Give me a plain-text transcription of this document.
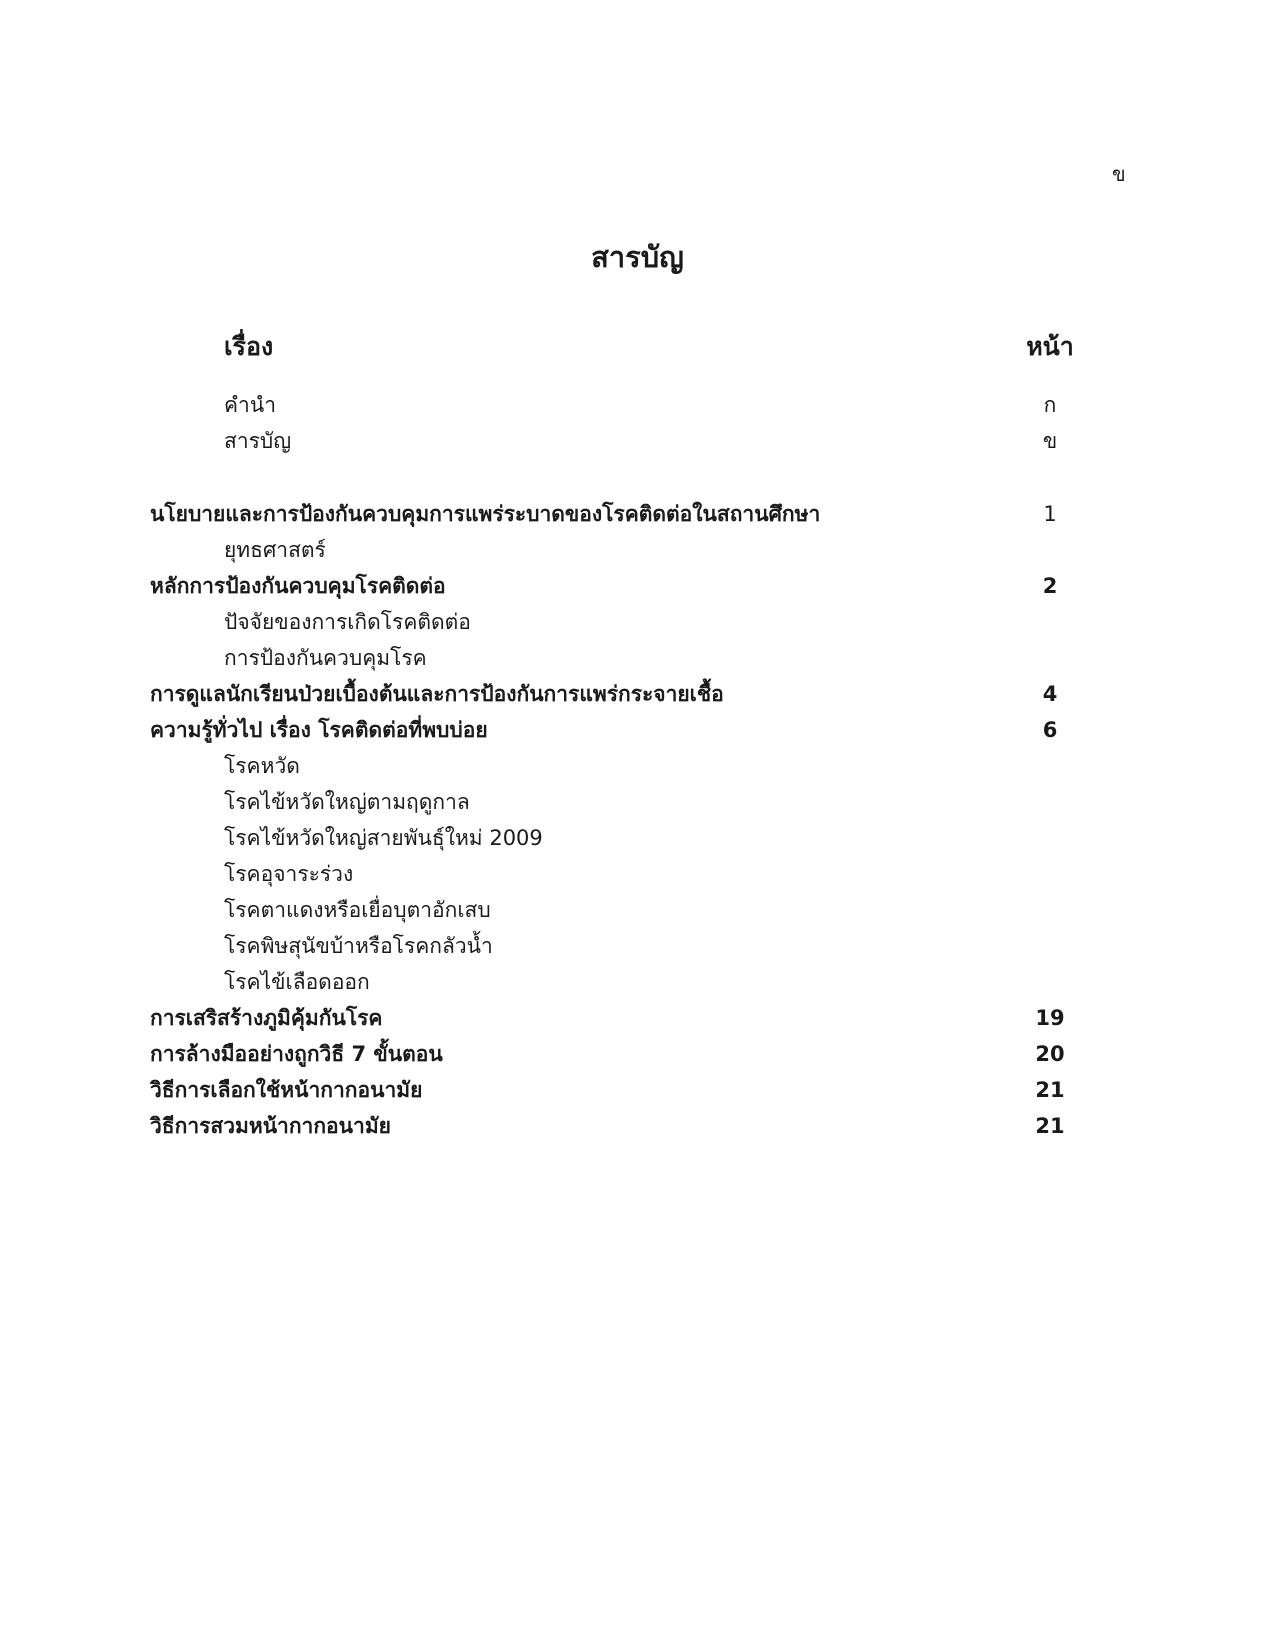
ข
สารบัญ
เรื่อง	หน้า
คำนำ	ก
สารบัญ	ข
นโยบายและการป้องกันควบคุมการแพร่ระบาดของโรคติดต่อในสถานศึกษา	1
ยุทธศาสตร์
หลักการป้องกันควบคุมโรคติดต่อ	2
ปัจจัยของการเกิดโรคติดต่อ
การป้องกันควบคุมโรค
การดูแลนักเรียนป่วยเบื้องต้นและการป้องกันการแพร่กระจายเชื้อ	4
ความรู้ทั่วไป เรื่อง โรคติดต่อที่พบบ่อย	6
โรคหวัด
โรคไข้หวัดใหญ่ตามฤดูกาล
โรคไข้หวัดใหญ่สายพันธุ์ใหม่ 2009
โรคอุจาระร่วง
โรคตาแดงหรือเยื่อบุตาอักเสบ
โรคพิษสุนัขบ้าหรือโรคกลัวน้ำ
โรคไข้เลือดออก
การเสริสร้างภูมิคุ้มกันโรค	19
การล้างมืออย่างถูกวิธี 7 ขั้นตอน	20
วิธีการเลือกใช้หน้ากากอนามัย	21
วิธีการสวมหน้ากากอนามัย	21
